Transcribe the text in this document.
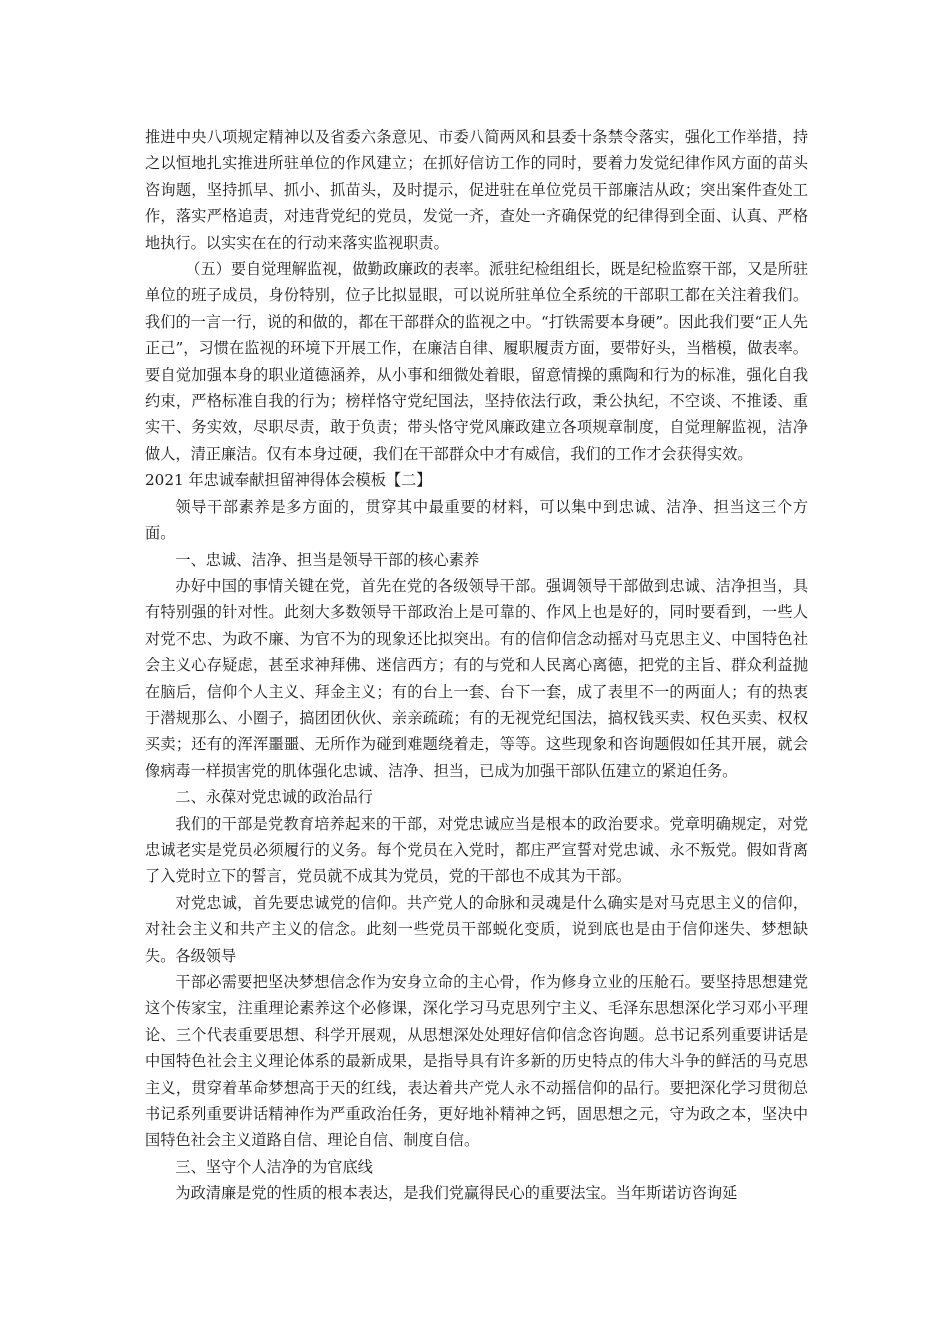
推进中央八项规定精神以及省委六条意见、市委八简两风和县委十条禁令落实，强化工作举措，持之以恒地扎实推进所驻单位的作风建立；在抓好信访工作的同时，要着力发觉纪律作风方面的苗头咨询题，坚持抓早、抓小、抓苗头，及时提示，促进驻在单位党员干部廉洁从政；突出案件查处工作，落实严格追责，对违背党纪的党员，发觉一齐，查处一齐确保党的纪律得到全面、认真、严格地执行。以实实在在的行动来落实监视职责。

（五）要自觉理解监视，做勤政廉政的表率。派驻纪检组组长，既是纪检监察干部，又是所驻单位的班子成员，身份特别，位子比拟显眼，可以说所驻单位全系统的干部职工都在关注着我们。我们的一言一行，说的和做的，都在干部群众的监视之中。“打铁需要本身硬”。因此我们要“正人先正己”，习惯在监视的环境下开展工作，在廉洁自律、履职履责方面，要带好头，当楷模，做表率。要自觉加强本身的职业道德涵养，从小事和细微处着眼，留意情操的熏陶和行为的标准，强化自我约束，严格标准自我的行为；榜样恪守党纪国法，坚持依法行政，秉公执纪，不空谈、不推诿、重实干、务实效，尽职尽责，敢于负责；带头恪守党风廉政建立各项规章制度，自觉理解监视，洁净做人，清正廉洁。仅有本身过硬，我们在干部群众中才有威信，我们的工作才会获得实效。

2021 年忠诚奉献担留神得体会模板【二】

领导干部素养是多方面的，贯穿其中最重要的材料，可以集中到忠诚、洁净、担当这三个方面。

一、忠诚、洁净、担当是领导干部的核心素养

办好中国的事情关键在党，首先在党的各级领导干部。强调领导干部做到忠诚、洁净担当，具有特别强的针对性。此刻大多数领导干部政治上是可靠的、作风上也是好的，同时要看到，一些人对党不忠、为政不廉、为官不为的现象还比拟突出。有的信仰信念动摇对马克思主义、中国特色社会主义心存疑虑，甚至求神拜佛、迷信西方；有的与党和人民离心离德，把党的主旨、群众利益抛在脑后，信仰个人主义、拜金主义；有的台上一套、台下一套，成了表里不一的两面人；有的热衷于潜规那么、小圈子，搞团团伙伙、亲亲疏疏；有的无视党纪国法，搞权钱买卖、权色买卖、权权买卖；还有的浑浑噩噩、无所作为碰到难题绕着走，等等。这些现象和咨询题假如任其开展，就会像病毒一样损害党的肌体强化忠诚、洁净、担当，已成为加强干部队伍建立的紧迫任务。

二、永葆对党忠诚的政治品行

我们的干部是党教育培养起来的干部，对党忠诚应当是根本的政治要求。党章明确规定，对党忠诚老实是党员必须履行的义务。每个党员在入党时，都庄严宣誓对党忠诚、永不叛党。假如背离了入党时立下的誓言，党员就不成其为党员，党的干部也不成其为干部。

对党忠诚，首先要忠诚党的信仰。共产党人的命脉和灵魂是什么确实是对马克思主义的信仰，对社会主义和共产主义的信念。此刻一些党员干部蜕化变质，说到底也是由于信仰迷失、梦想缺失。各级领导

干部必需要把坚决梦想信念作为安身立命的主心骨，作为修身立业的压舱石。要坚持思想建党这个传家宝，注重理论素养这个必修课，深化学习马克思列宁主义、毛泽东思想深化学习邓小平理论、三个代表重要思想、科学开展观，从思想深处处理好信仰信念咨询题。总书记系列重要讲话是中国特色社会主义理论体系的最新成果，是指导具有许多新的历史特点的伟大斗争的鲜活的马克思主义，贯穿着革命梦想高于天的红线，表达着共产党人永不动摇信仰的品行。要把深化学习贯彻总书记系列重要讲话精神作为严重政治任务，更好地补精神之钙，固思想之元，守为政之本，坚决中国特色社会主义道路自信、理论自信、制度自信。

三、坚守个人洁净的为官底线

为政清廉是党的性质的根本表达，是我们党赢得民心的重要法宝。当年斯诺访咨询延
